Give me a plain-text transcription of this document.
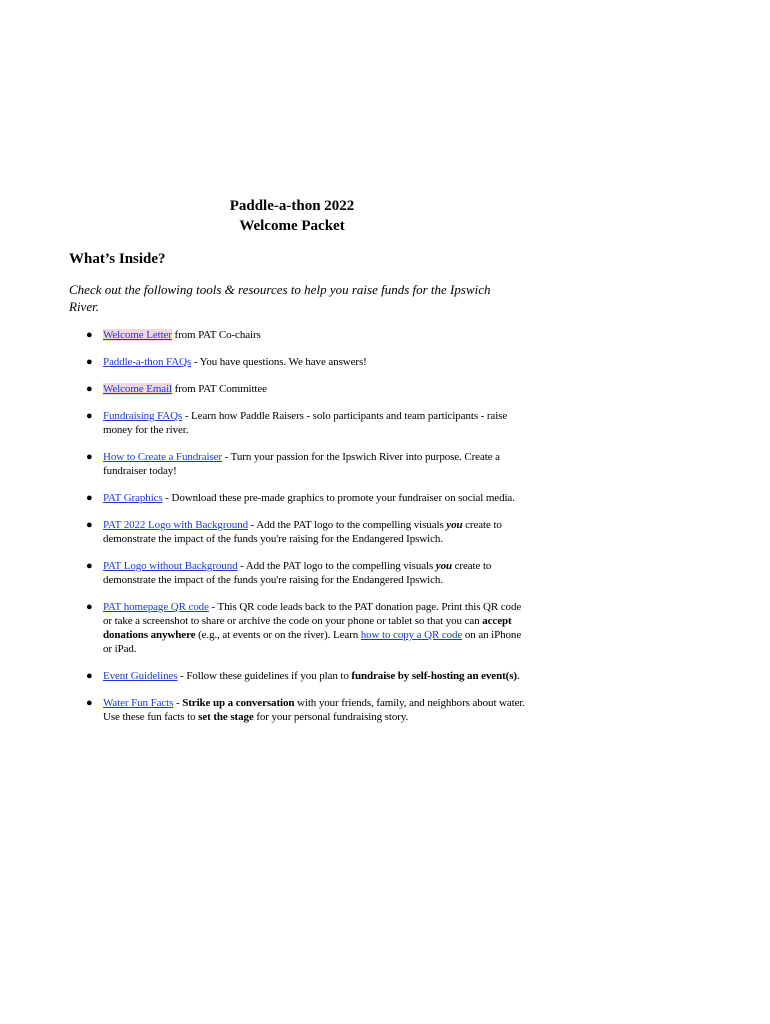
Paddle-a-thon 2022
Welcome Packet
What’s Inside?
Check out the following tools & resources to help you raise funds for the Ipswich River.
● Welcome Letter from PAT Co-chairs
● Paddle-a-thon FAQs - You have questions. We have answers!
● Welcome Email from PAT Committee
● Fundraising FAQs - Learn how Paddle Raisers - solo participants and team participants - raise money for the river.
● How to Create a Fundraiser - Turn your passion for the Ipswich River into purpose. Create a fundraiser today!
● PAT Graphics - Download these pre-made graphics to promote your fundraiser on social media.
● PAT 2022 Logo with Background - Add the PAT logo to the compelling visuals you create to demonstrate the impact of the funds you're raising for the Endangered Ipswich.
● PAT Logo without Background - Add the PAT logo to the compelling visuals you create to demonstrate the impact of the funds you're raising for the Endangered Ipswich.
● PAT homepage QR code - This QR code leads back to the PAT donation page. Print this QR code or take a screenshot to share or archive the code on your phone or tablet so that you can accept donations anywhere (e.g., at events or on the river). Learn how to copy a QR code on an iPhone or iPad.
● Event Guidelines - Follow these guidelines if you plan to fundraise by self-hosting an event(s).
● Water Fun Facts - Strike up a conversation with your friends, family, and neighbors about water. Use these fun facts to set the stage for your personal fundraising story.
